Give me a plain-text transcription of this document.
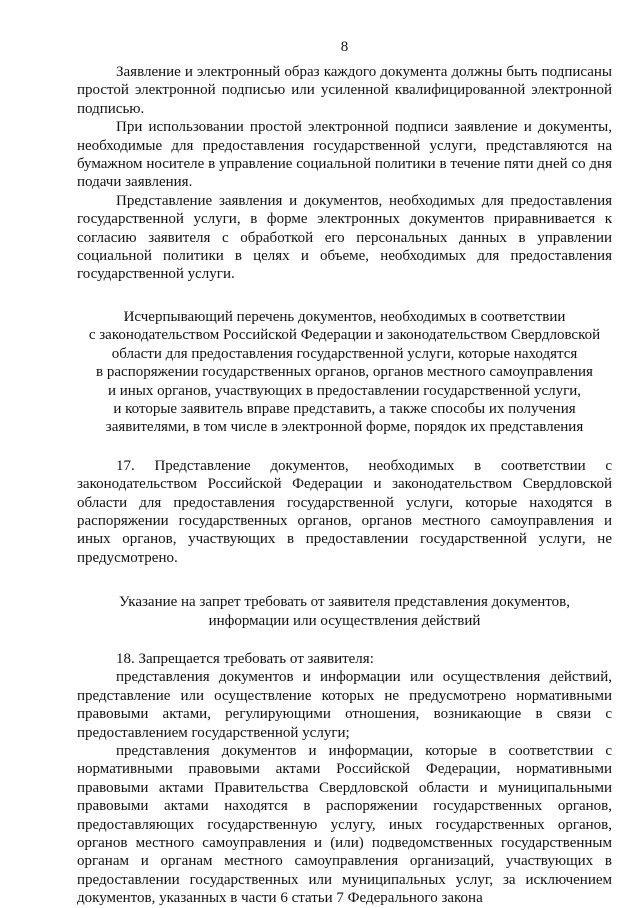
8

Заявление и электронный образ каждого документа должны быть подписаны простой электронной подписью или усиленной квалифицированной электронной подписью.

При использовании простой электронной подписи заявление и документы, необходимые для предоставления государственной услуги, представляются на бумажном носителе в управление социальной политики в течение пяти дней со дня подачи заявления.

Представление заявления и документов, необходимых для предоставления государственной услуги, в форме электронных документов приравнивается к согласию заявителя с обработкой его персональных данных в управлении социальной политики в целях и объеме, необходимых для предоставления государственной услуги.

Исчерпывающий перечень документов, необходимых в соответствии
с законодательством Российской Федерации и законодательством Свердловской
области для предоставления государственной услуги, которые находятся
в распоряжении государственных органов, органов местного самоуправления
и иных органов, участвующих в предоставлении государственной услуги,
и которые заявитель вправе представить, а также способы их получения
заявителями, в том числе в электронной форме, порядок их представления

17. Представление документов, необходимых в соответствии с законодательством Российской Федерации и законодательством Свердловской области для предоставления государственной услуги, которые находятся в распоряжении государственных органов, органов местного самоуправления и иных органов, участвующих в предоставлении государственной услуги, не предусмотрено.

Указание на запрет требовать от заявителя представления документов,
информации или осуществления действий

18. Запрещается требовать от заявителя:

представления документов и информации или осуществления действий, представление или осуществление которых не предусмотрено нормативными правовыми актами, регулирующими отношения, возникающие в связи с предоставлением государственной услуги;

представления документов и информации, которые в соответствии с нормативными правовыми актами Российской Федерации, нормативными правовыми актами Правительства Свердловской области и муниципальными правовыми актами находятся в распоряжении государственных органов, предоставляющих государственную услугу, иных государственных органов, органов местного самоуправления и (или) подведомственных государственным органам и органам местного самоуправления организаций, участвующих в предоставлении государственных или муниципальных услуг, за исключением документов, указанных в части 6 статьи 7 Федерального закона
